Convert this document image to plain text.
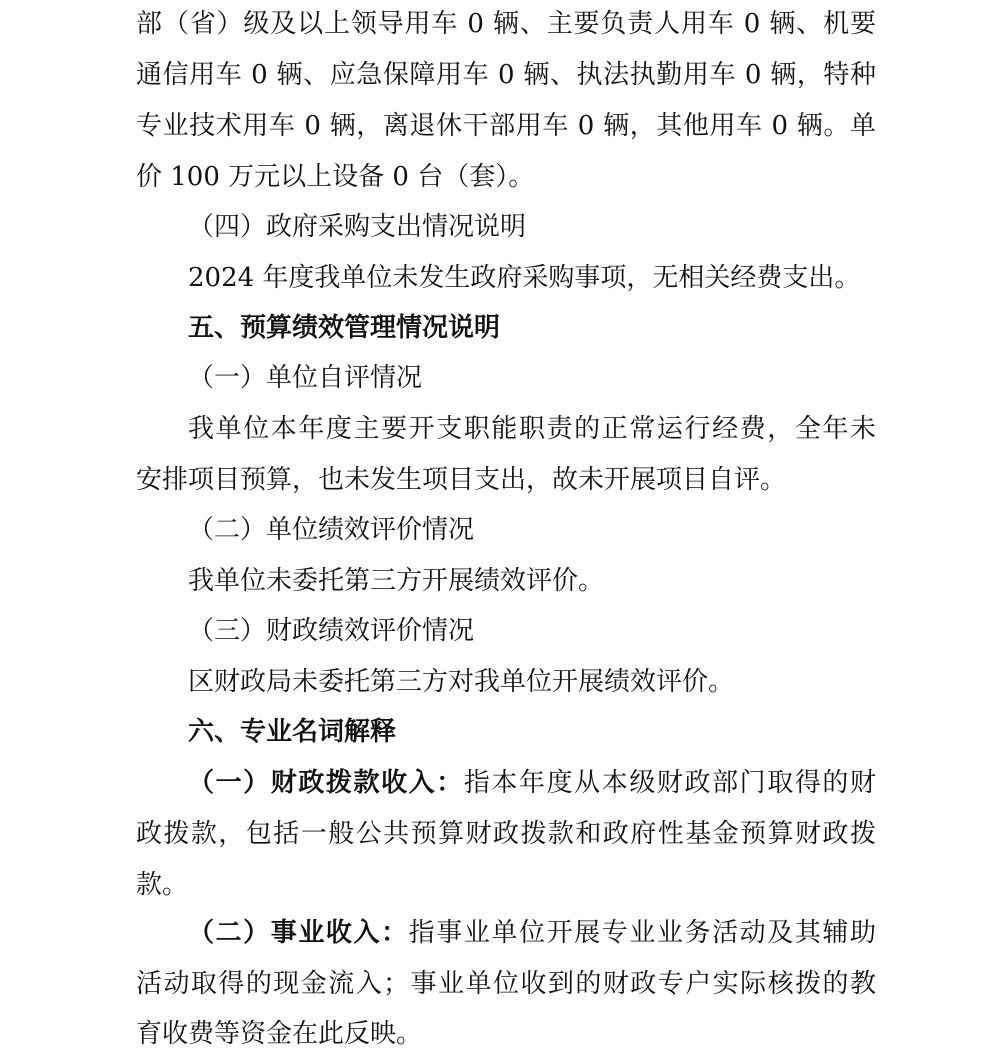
部（省）级及以上领导用车 0 辆、主要负责人用车 0 辆、机要
通信用车 0 辆、应急保障用车 0 辆、执法执勤用车 0 辆，特种
专业技术用车 0 辆，离退休干部用车 0 辆，其他用车 0 辆。单
价 100 万元以上设备 0 台（套）。
（四）政府采购支出情况说明
2024 年度我单位未发生政府采购事项，无相关经费支出。
五、预算绩效管理情况说明
（一）单位自评情况
我单位本年度主要开支职能职责的正常运行经费，全年未
安排项目预算，也未发生项目支出，故未开展项目自评。
（二）单位绩效评价情况
我单位未委托第三方开展绩效评价。
（三）财政绩效评价情况
区财政局未委托第三方对我单位开展绩效评价。
六、专业名词解释
（一）财政拨款收入：指本年度从本级财政部门取得的财
政拨款，包括一般公共预算财政拨款和政府性基金预算财政拨
款。
（二）事业收入：指事业单位开展专业业务活动及其辅助
活动取得的现金流入；事业单位收到的财政专户实际核拨的教
育收费等资金在此反映。
